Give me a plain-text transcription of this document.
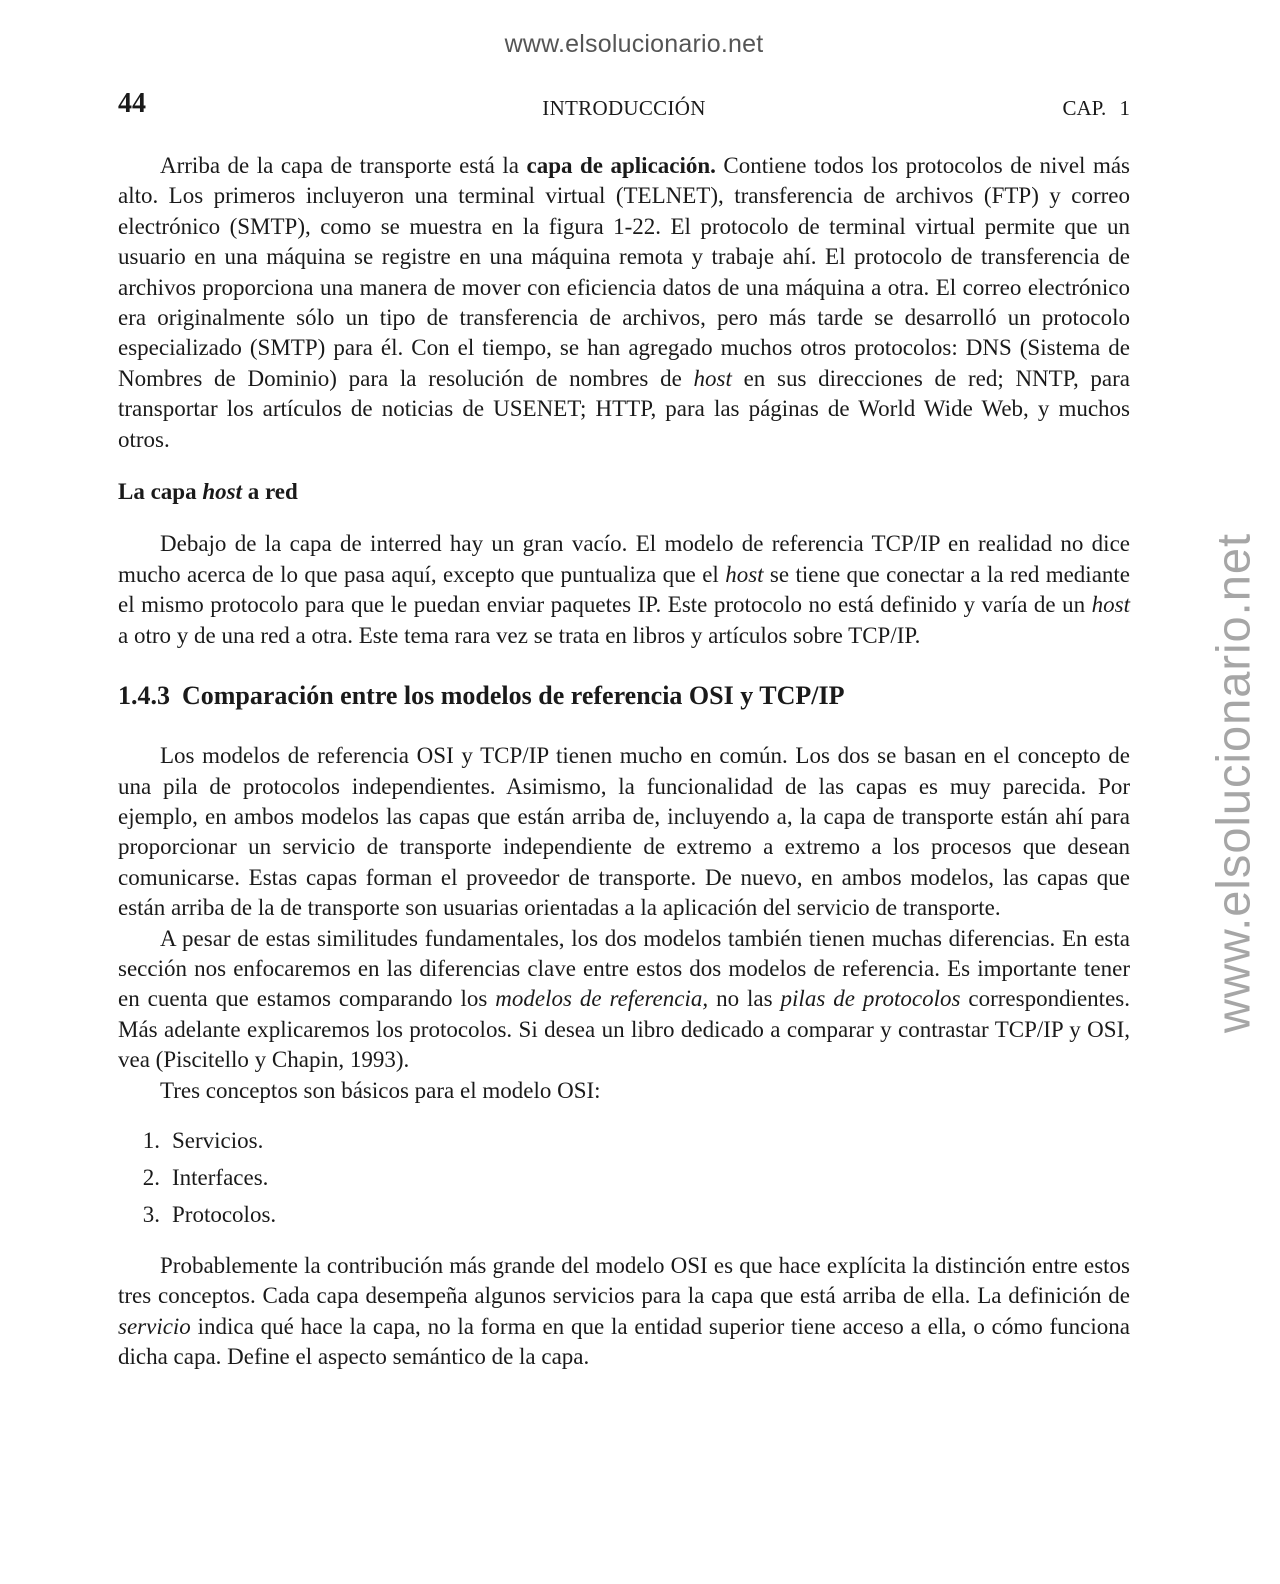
www.elsolucionario.net
www.elsolucionario.net
44	INTRODUCCIÓN	CAP. 1

Arriba de la capa de transporte está la capa de aplicación. Contiene todos los protocolos de nivel más alto. Los primeros incluyeron una terminal virtual (TELNET), transferencia de archivos (FTP) y correo electrónico (SMTP), como se muestra en la figura 1-22. El protocolo de terminal virtual permite que un usuario en una máquina se registre en una máquina remota y trabaje ahí. El protocolo de transferencia de archivos proporciona una manera de mover con eficiencia datos de una máquina a otra. El correo electrónico era originalmente sólo un tipo de transferencia de archivos, pero más tarde se desarrolló un protocolo especializado (SMTP) para él. Con el tiempo, se han agregado muchos otros protocolos: DNS (Sistema de Nombres de Dominio) para la resolución de nombres de host en sus direcciones de red; NNTP, para transportar los artículos de noticias de USENET; HTTP, para las páginas de World Wide Web, y muchos otros.

La capa host a red

Debajo de la capa de interred hay un gran vacío. El modelo de referencia TCP/IP en realidad no dice mucho acerca de lo que pasa aquí, excepto que puntualiza que el host se tiene que conectar a la red mediante el mismo protocolo para que le puedan enviar paquetes IP. Este protocolo no está definido y varía de un host a otro y de una red a otra. Este tema rara vez se trata en libros y artículos sobre TCP/IP.

1.4.3 Comparación entre los modelos de referencia OSI y TCP/IP

Los modelos de referencia OSI y TCP/IP tienen mucho en común. Los dos se basan en el concepto de una pila de protocolos independientes. Asimismo, la funcionalidad de las capas es muy parecida. Por ejemplo, en ambos modelos las capas que están arriba de, incluyendo a, la capa de transporte están ahí para proporcionar un servicio de transporte independiente de extremo a extremo a los procesos que desean comunicarse. Estas capas forman el proveedor de transporte. De nuevo, en ambos modelos, las capas que están arriba de la de transporte son usuarias orientadas a la aplicación del servicio de transporte.

A pesar de estas similitudes fundamentales, los dos modelos también tienen muchas diferencias. En esta sección nos enfocaremos en las diferencias clave entre estos dos modelos de referencia. Es importante tener en cuenta que estamos comparando los modelos de referencia, no las pilas de protocolos correspondientes. Más adelante explicaremos los protocolos. Si desea un libro dedicado a comparar y contrastar TCP/IP y OSI, vea (Piscitello y Chapin, 1993).

Tres conceptos son básicos para el modelo OSI:

1. Servicios.
2. Interfaces.
3. Protocolos.

Probablemente la contribución más grande del modelo OSI es que hace explícita la distinción entre estos tres conceptos. Cada capa desempeña algunos servicios para la capa que está arriba de ella. La definición de servicio indica qué hace la capa, no la forma en que la entidad superior tiene acceso a ella, o cómo funciona dicha capa. Define el aspecto semántico de la capa.
